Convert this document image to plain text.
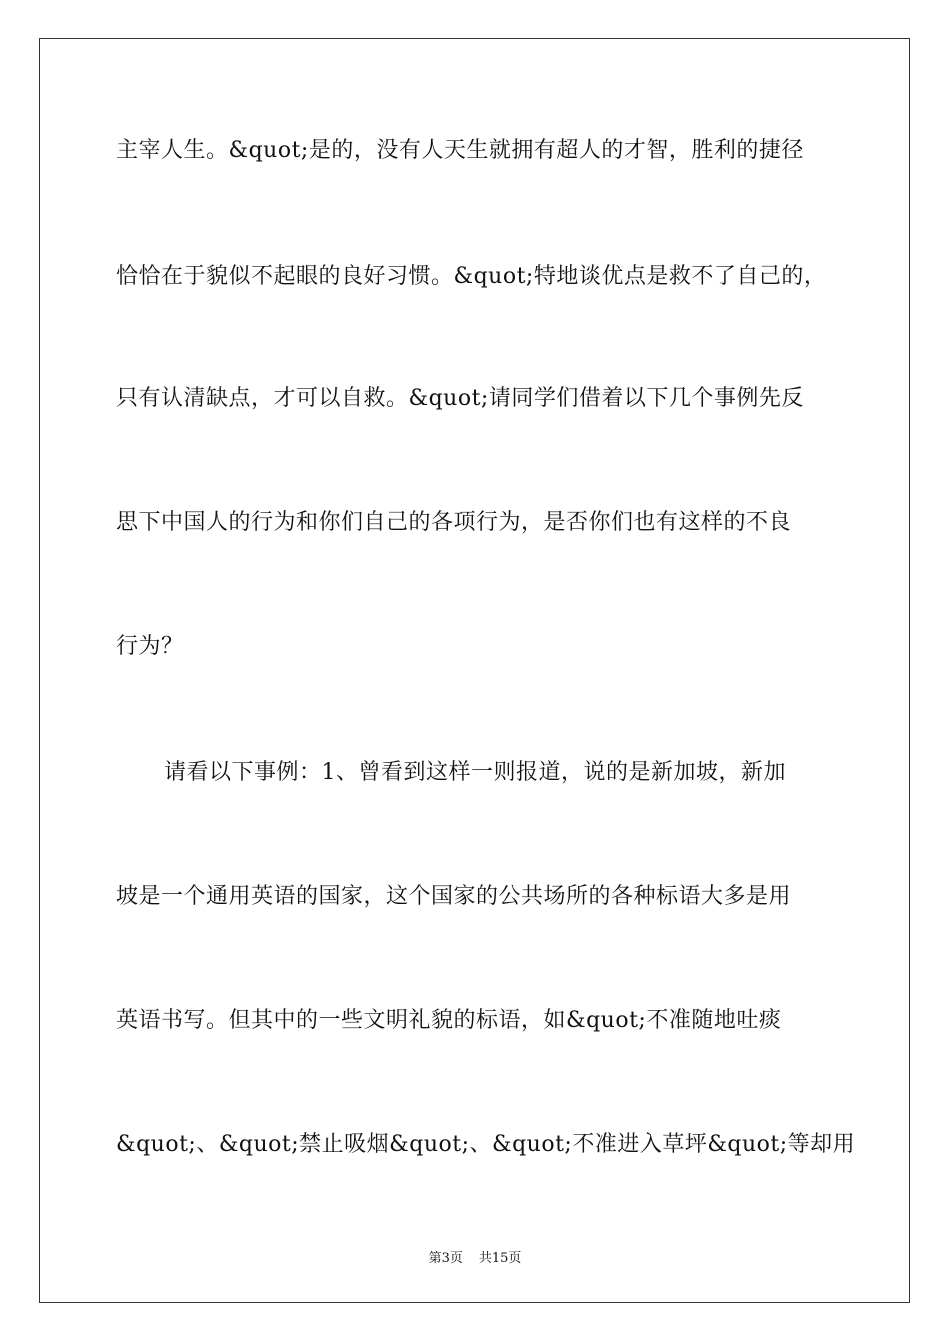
主宰人生。&quot;是的，没有人天生就拥有超人的才智，胜利的捷径
恰恰在于貌似不起眼的良好习惯。&quot;特地谈优点是救不了自己的，
只有认清缺点，才可以自救。&quot;请同学们借着以下几个事例先反
思下中国人的行为和你们自己的各项行为，是否你们也有这样的不良
行为？
请看以下事例：1、曾看到这样一则报道，说的是新加坡，新加
坡是一个通用英语的国家，这个国家的公共场所的各种标语大多是用
英语书写。但其中的一些文明礼貌的标语，如&quot;不准随地吐痰
&quot;、&quot;禁止吸烟&quot;、&quot;不准进入草坪&quot;等却用
第3页 共15页
